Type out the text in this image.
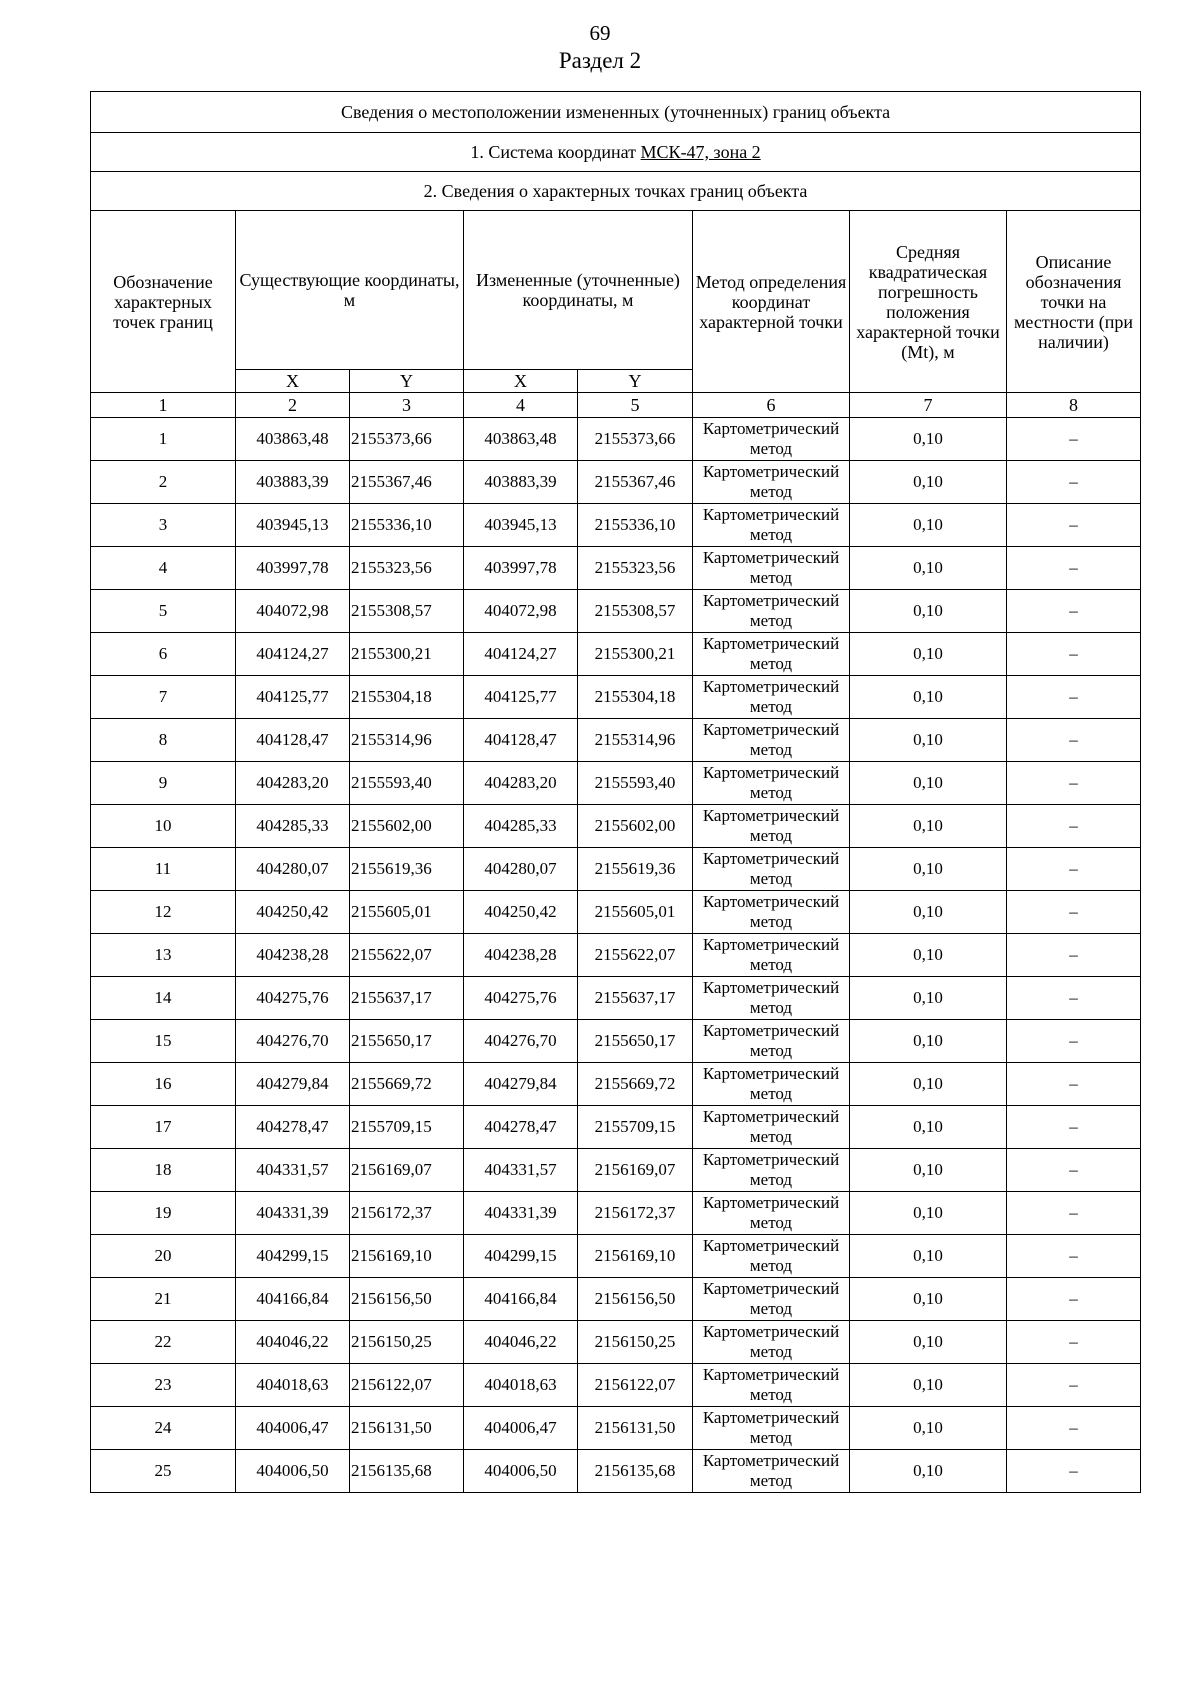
69
Раздел 2
Сведения о местоположении измененных (уточненных) границ объекта							
1. Система координат МСК-47, зона 2							
2. Сведения о характерных точках границ объекта							
Обозначение характерных точек границ	Существующие координаты, м		Измененные (уточненные) координаты, м		Метод определения координат характерной точки	Средняя квадратическая погрешность положения характерной точки (Мt), м	Описание обозначения точки на местности (при наличии)
	X	Y	X	Y			
1	2	3	4	5	6	7	8
1	403863,48	2155373,66	403863,48	2155373,66	Картометрический метод	0,10	–
2	403883,39	2155367,46	403883,39	2155367,46	Картометрический метод	0,10	–
3	403945,13	2155336,10	403945,13	2155336,10	Картометрический метод	0,10	–
4	403997,78	2155323,56	403997,78	2155323,56	Картометрический метод	0,10	–
5	404072,98	2155308,57	404072,98	2155308,57	Картометрический метод	0,10	–
6	404124,27	2155300,21	404124,27	2155300,21	Картометрический метод	0,10	–
7	404125,77	2155304,18	404125,77	2155304,18	Картометрический метод	0,10	–
8	404128,47	2155314,96	404128,47	2155314,96	Картометрический метод	0,10	–
9	404283,20	2155593,40	404283,20	2155593,40	Картометрический метод	0,10	–
10	404285,33	2155602,00	404285,33	2155602,00	Картометрический метод	0,10	–
11	404280,07	2155619,36	404280,07	2155619,36	Картометрический метод	0,10	–
12	404250,42	2155605,01	404250,42	2155605,01	Картометрический метод	0,10	–
13	404238,28	2155622,07	404238,28	2155622,07	Картометрический метод	0,10	–
14	404275,76	2155637,17	404275,76	2155637,17	Картометрический метод	0,10	–
15	404276,70	2155650,17	404276,70	2155650,17	Картометрический метод	0,10	–
16	404279,84	2155669,72	404279,84	2155669,72	Картометрический метод	0,10	–
17	404278,47	2155709,15	404278,47	2155709,15	Картометрический метод	0,10	–
18	404331,57	2156169,07	404331,57	2156169,07	Картометрический метод	0,10	–
19	404331,39	2156172,37	404331,39	2156172,37	Картометрический метод	0,10	–
20	404299,15	2156169,10	404299,15	2156169,10	Картометрический метод	0,10	–
21	404166,84	2156156,50	404166,84	2156156,50	Картометрический метод	0,10	–
22	404046,22	2156150,25	404046,22	2156150,25	Картометрический метод	0,10	–
23	404018,63	2156122,07	404018,63	2156122,07	Картометрический метод	0,10	–
24	404006,47	2156131,50	404006,47	2156131,50	Картометрический метод	0,10	–
25	404006,50	2156135,68	404006,50	2156135,68	Картометрический метод	0,10	–
